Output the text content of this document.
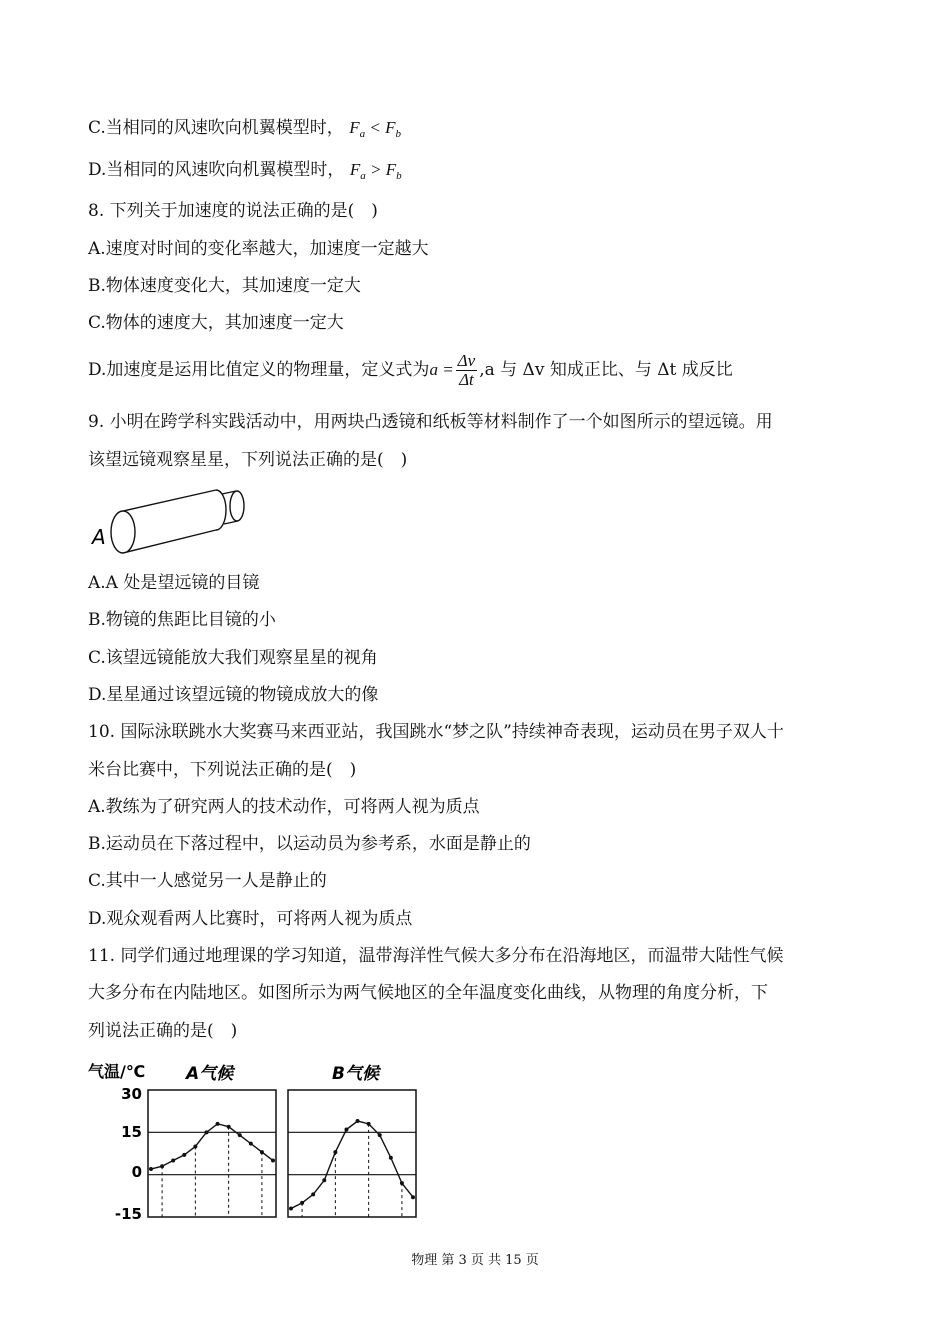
C.当相同的风速吹向机翼模型时， $F_a < F_b$
D.当相同的风速吹向机翼模型时， $F_a > F_b$
8. 下列关于加速度的说法正确的是(　)
A.速度对时间的变化率越大，加速度一定越大
B.物体速度变化大，其加速度一定大
C.物体的速度大，其加速度一定大
D.加速度是运用比值定义的物理量，定义式为$a = \frac{\Delta v}{\Delta t} ,a$ 与 Δv 知成正比、与 Δt 成反比
9. 小明在跨学科实践活动中，用两块凸透镜和纸板等材料制作了一个如图所示的望远镜。用
该望远镜观察星星，下列说法正确的是(　)
A
A.A 处是望远镜的目镜
B.物镜的焦距比目镜的小
C.该望远镜能放大我们观察星星的视角
D.星星通过该望远镜的物镜成放大的像
10. 国际泳联跳水大奖赛马来西亚站，我国跳水“梦之队”持续神奇表现，运动员在男子双人十
米台比赛中，下列说法正确的是(　)
A.教练为了研究两人的技术动作，可将两人视为质点
B.运动员在下落过程中，以运动员为参考系，水面是静止的
C.其中一人感觉另一人是静止的
D.观众观看两人比赛时，可将两人视为质点
11. 同学们通过地理课的学习知道，温带海洋性气候大多分布在沿海地区，而温带大陆性气候
大多分布在内陆地区。如图所示为两气候地区的全年温度变化曲线，从物理的角度分析，下
列说法正确的是(　)
气温/℃ A气候	B气候
30
15
0
-15
物理 第 3 页 共 15 页
